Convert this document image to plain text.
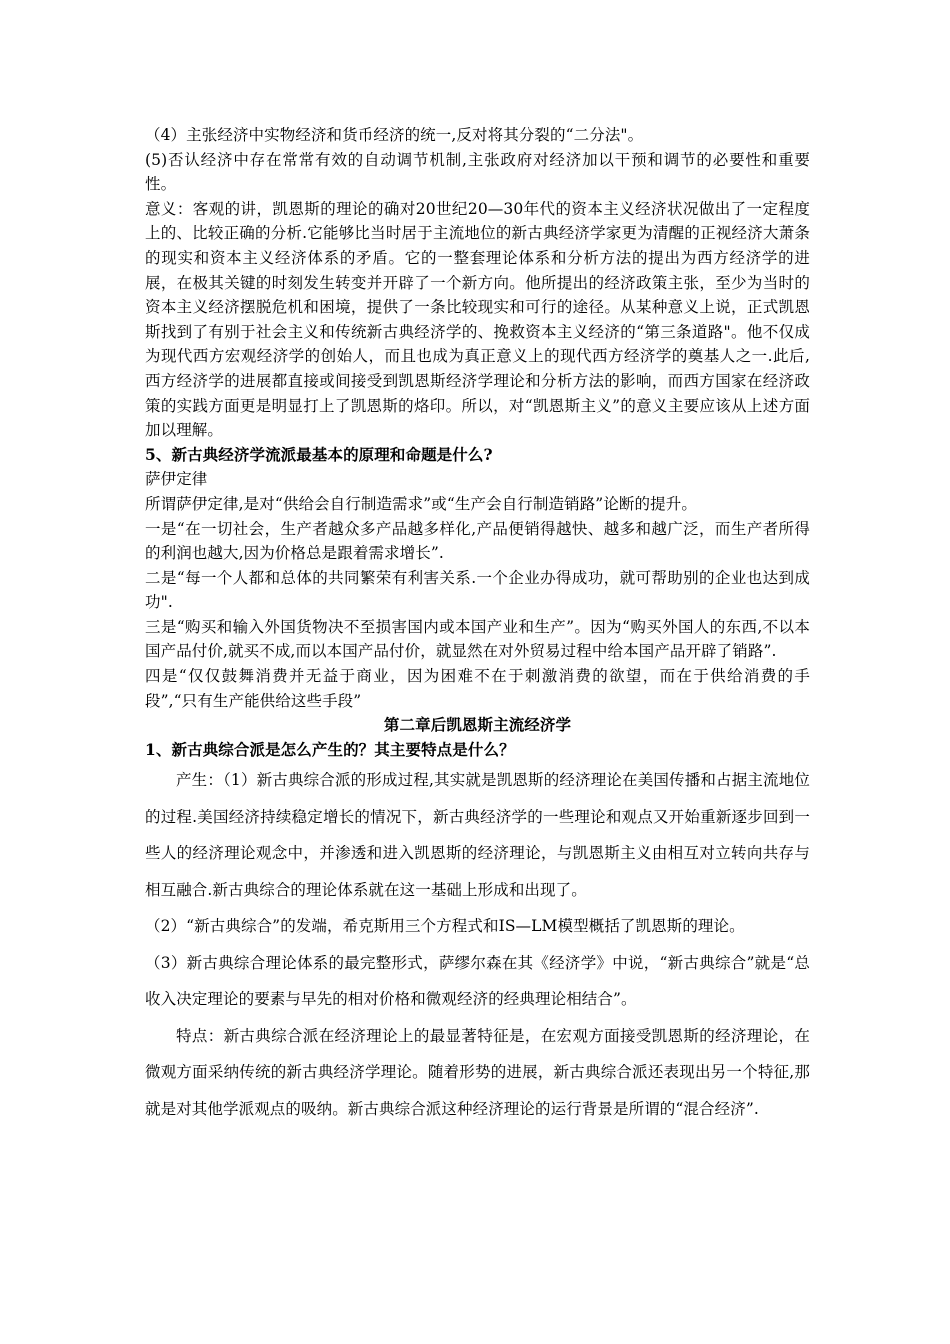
（4）主张经济中实物经济和货币经济的统一,反对将其分裂的“二分法"。

(5)否认经济中存在常常有效的自动调节机制,主张政府对经济加以干预和调节的必要性和重要性。

意义：客观的讲，凯恩斯的理论的确对20世纪20—30年代的资本主义经济状况做出了一定程度上的、比较正确的分析.它能够比当时居于主流地位的新古典经济学家更为清醒的正视经济大萧条的现实和资本主义经济体系的矛盾。它的一整套理论体系和分析方法的提出为西方经济学的进展，在极其关键的时刻发生转变并开辟了一个新方向。他所提出的经济政策主张，至少为当时的资本主义经济摆脱危机和困境，提供了一条比较现实和可行的途径。从某种意义上说，正式凯恩斯找到了有别于社会主义和传统新古典经济学的、挽救资本主义经济的“第三条道路"。他不仅成为现代西方宏观经济学的创始人，而且也成为真正意义上的现代西方经济学的奠基人之一.此后,西方经济学的进展都直接或间接受到凯恩斯经济学理论和分析方法的影响，而西方国家在经济政策的实践方面更是明显打上了凯恩斯的烙印。所以，对“凯恩斯主义”的意义主要应该从上述方面加以理解。

5、新古典经济学流派最基本的原理和命题是什么?

萨伊定律

所谓萨伊定律,是对“供给会自行制造需求”或“生产会自行制造销路”论断的提升。

一是“在一切社会，生产者越众多产品越多样化,产品便销得越快、越多和越广泛，而生产者所得的利润也越大,因为价格总是跟着需求增长”.

二是“每一个人都和总体的共同繁荣有利害关系.一个企业办得成功，就可帮助别的企业也达到成功".

三是“购买和输入外国货物决不至损害国内或本国产业和生产”。因为“购买外国人的东西,不以本国产品付价,就买不成,而以本国产品付价，就显然在对外贸易过程中给本国产品开辟了销路”.

四是“仅仅鼓舞消费并无益于商业，因为困难不在于刺激消费的欲望，而在于供给消费的手段”,“只有生产能供给这些手段”

第二章后凯恩斯主流经济学

1、新古典综合派是怎么产生的？其主要特点是什么？

产生：（1）新古典综合派的形成过程,其实就是凯恩斯的经济理论在美国传播和占据主流地位的过程.美国经济持续稳定增长的情况下，新古典经济学的一些理论和观点又开始重新逐步回到一些人的经济理论观念中，并渗透和进入凯恩斯的经济理论，与凯恩斯主义由相互对立转向共存与相互融合.新古典综合的理论体系就在这一基础上形成和出现了。

（2）“新古典综合”的发端，希克斯用三个方程式和IS—LM模型概括了凯恩斯的理论。

（3）新古典综合理论体系的最完整形式，萨缪尔森在其《经济学》中说，“新古典综合”就是“总收入决定理论的要素与早先的相对价格和微观经济的经典理论相结合”。

特点：新古典综合派在经济理论上的最显著特征是，在宏观方面接受凯恩斯的经济理论，在微观方面采纳传统的新古典经济学理论。随着形势的进展，新古典综合派还表现出另一个特征,那就是对其他学派观点的吸纳。新古典综合派这种经济理论的运行背景是所谓的“混合经济”.
